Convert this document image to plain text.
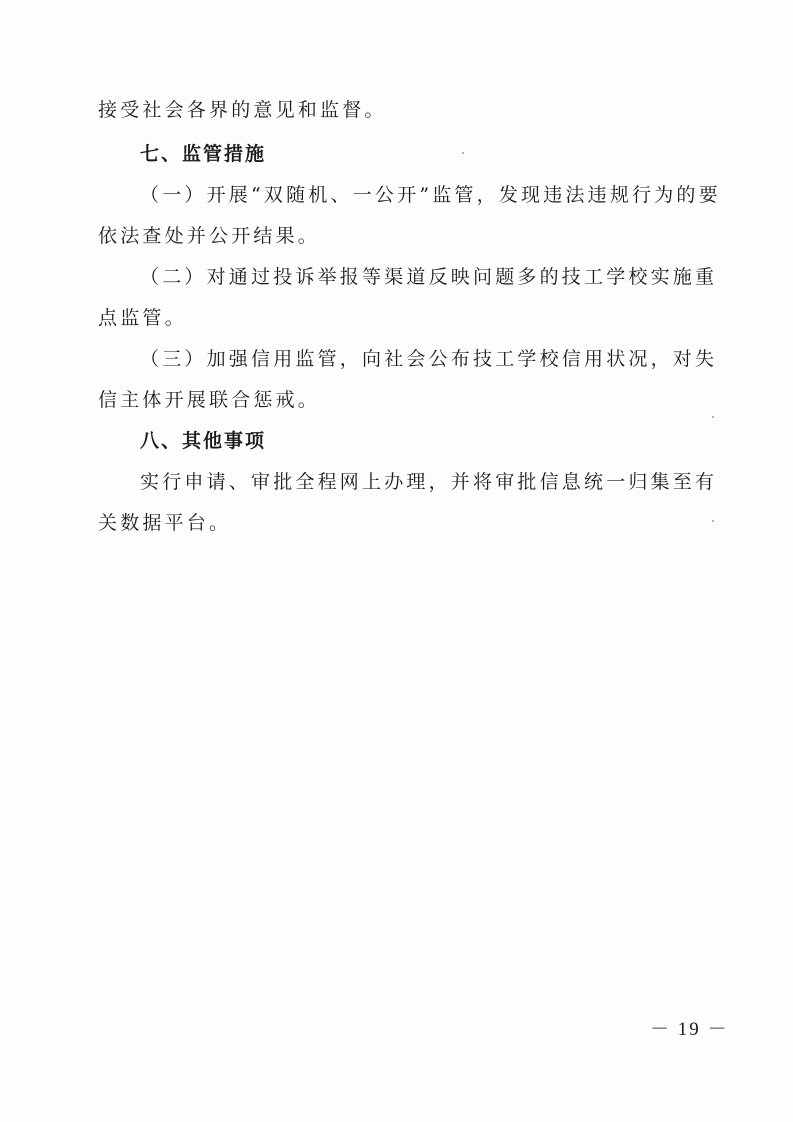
接受社会各界的意见和监督。
七、监管措施
（一）开展“双随机、一公开”监管，发现违法违规行为的要
依法查处并公开结果。
（二）对通过投诉举报等渠道反映问题多的技工学校实施重
点监管。
（三）加强信用监管，向社会公布技工学校信用状况，对失
信主体开展联合惩戒。
八、其他事项
实行申请、审批全程网上办理，并将审批信息统一归集至有
关数据平台。
－ 19 －
